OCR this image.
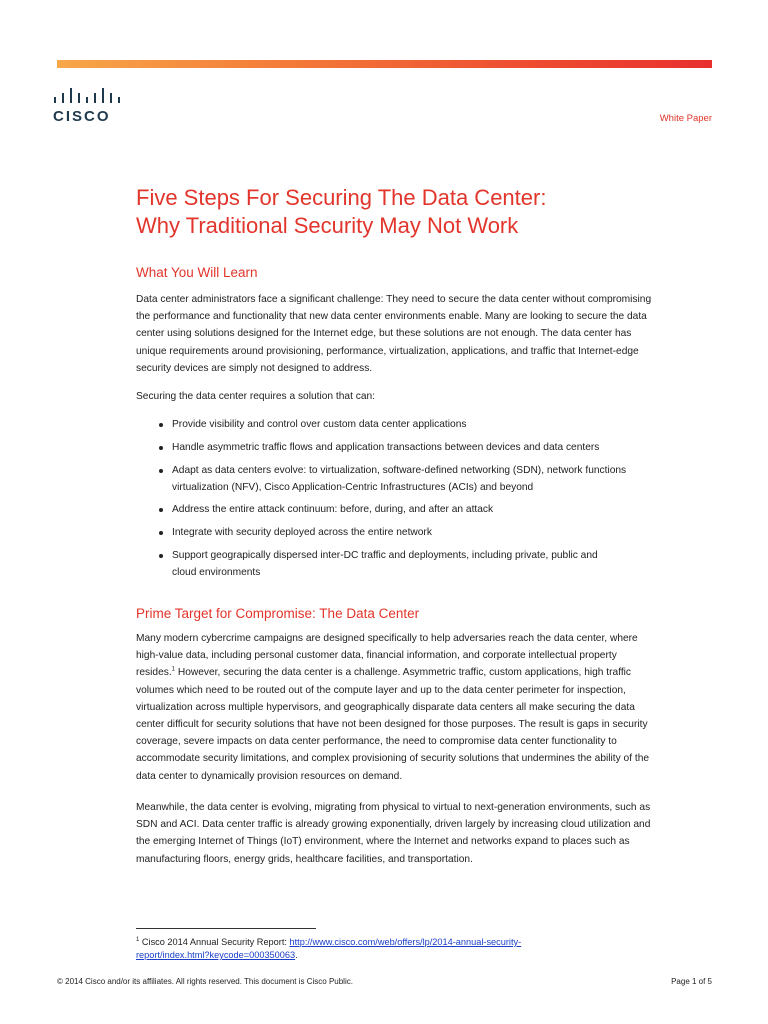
CISCO	White Paper
Five Steps For Securing The Data Center:
Why Traditional Security May Not Work
What You Will Learn
Data center administrators face a significant challenge: They need to secure the data center without compromising
the performance and functionality that new data center environments enable. Many are looking to secure the data
center using solutions designed for the Internet edge, but these solutions are not enough. The data center has
unique requirements around provisioning, performance, virtualization, applications, and traffic that Internet-edge
security devices are simply not designed to address.
Securing the data center requires a solution that can:
Provide visibility and control over custom data center applications
Handle asymmetric traffic flows and application transactions between devices and data centers
Adapt as data centers evolve: to virtualization, software-defined networking (SDN), network functions
virtualization (NFV), Cisco Application-Centric Infrastructures (ACIs) and beyond
Address the entire attack continuum: before, during, and after an attack
Integrate with security deployed across the entire network
Support geograpically dispersed inter-DC traffic and deployments, including private, public and
cloud environments
Prime Target for Compromise: The Data Center
Many modern cybercrime campaigns are designed specifically to help adversaries reach the data center, where
high-value data, including personal customer data, financial information, and corporate intellectual property
resides.$^1$ However, securing the data center is a challenge. Asymmetric traffic, custom applications, high traffic
volumes which need to be routed out of the compute layer and up to the data center perimeter for inspection,
virtualization across multiple hypervisors, and geographically disparate data centers all make securing the data
center difficult for security solutions that have not been designed for those purposes. The result is gaps in security
coverage, severe impacts on data center performance, the need to compromise data center functionality to
accommodate security limitations, and complex provisioning of security solutions that undermines the ability of the
data center to dynamically provision resources on demand.
Meanwhile, the data center is evolving, migrating from physical to virtual to next-generation environments, such as
SDN and ACI. Data center traffic is already growing exponentially, driven largely by increasing cloud utilization and
the emerging Internet of Things (IoT) environment, where the Internet and networks expand to places such as
manufacturing floors, energy grids, healthcare facilities, and transportation.
$^1$ Cisco 2014 Annual Security Report: http://www.cisco.com/web/offers/lp/2014-annual-security-
report/index.html?keycode=000350063.
© 2014 Cisco and/or its affiliates. All rights reserved. This document is Cisco Public.	Page 1 of 5
